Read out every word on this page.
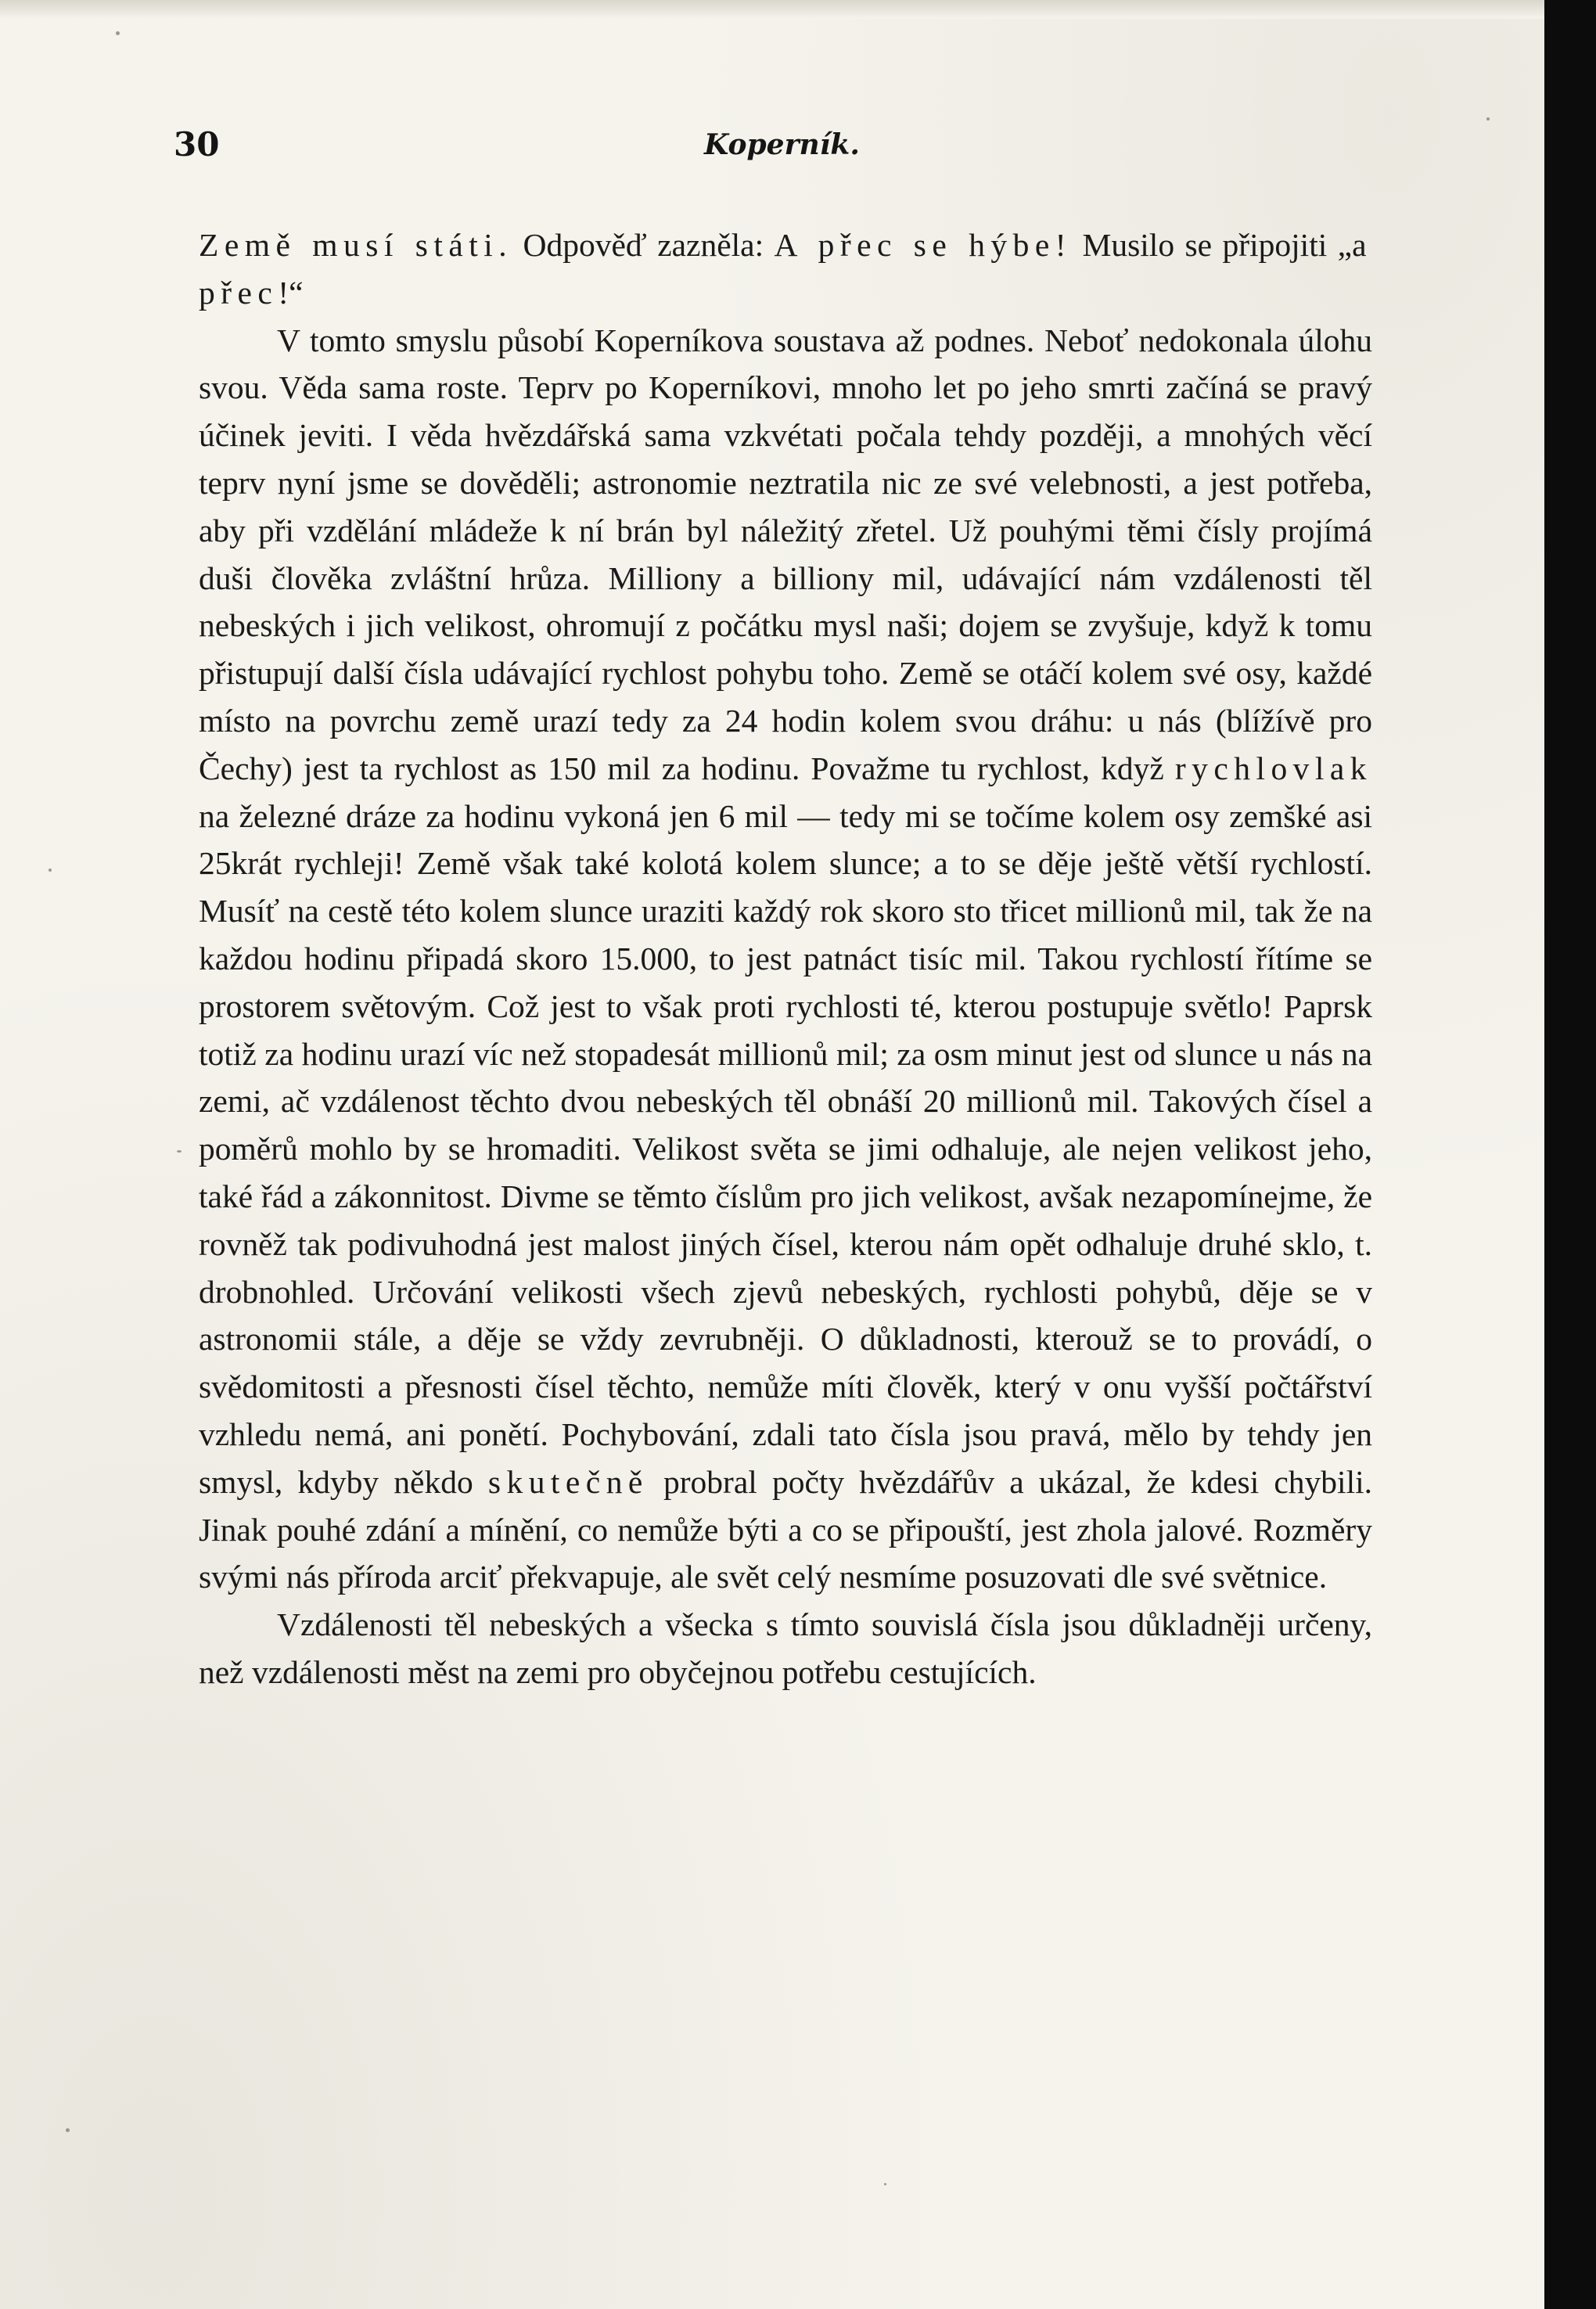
30	Koperník.

Země musí státi. Odpověď zazněla: A přec se hýbe! Musilo se připojiti „a přec!“

V tomto smyslu působí Koperníkova soustava až podnes. Neboť nedokonala úlohu svou. Věda sama roste. Teprv po Koperníkovi, mnoho let po jeho smrti začíná se pravý účinek jeviti. I věda hvězdářská sama vzkvétati počala tehdy později, a mnohých věcí teprv nyní jsme se dověděli; astronomie neztratila nic ze své velebnosti, a jest potřeba, aby při vzdělání mládeže k ní brán byl náležitý zřetel. Už pouhými těmi čísly projímá duši člověka zvláštní hrůza. Milliony a billiony mil, udávající nám vzdálenosti těl nebeských i jich velikost, ohromují z počátku mysl naši; dojem se zvyšuje, když k tomu přistupují další čísla udávající rychlost pohybu toho. Země se otáčí kolem své osy, každé místo na povrchu země urazí tedy za 24 hodin kolem svou dráhu: u nás (blížívě pro Čechy) jest ta rychlost as 150 mil za hodinu. Považme tu rychlost, když rychlovlak na železné dráze za hodinu vykoná jen 6 mil — tedy mi se točíme kolem osy zemšké asi 25krát rychleji! Země však také kolotá kolem slunce; a to se děje ještě větší rychlostí. Musíť na cestě této kolem slunce uraziti každý rok skoro sto třicet millionů mil, tak že na každou hodinu připadá skoro 15.000, to jest patnáct tisíc mil. Takou rychlostí řítíme se prostorem světovým. Což jest to však proti rychlosti té, kterou postupuje světlo! Paprsk totiž za hodinu urazí víc než stopadesát millionů mil; za osm minut jest od slunce u nás na zemi, ač vzdálenost těchto dvou nebeských těl obnáší 20 millionů mil. Takových čísel a poměrů mohlo by se hromaditi. Velikost světa se jimi odhaluje, ale nejen velikost jeho, také řád a zákonnitost. Divme se těmto číslům pro jich velikost, avšak nezapomínejme, že rovněž tak podivuhodná jest malost jiných čísel, kterou nám opět odhaluje druhé sklo, t. drobnohled. Určování velikosti všech zjevů nebeských, rychlosti pohybů, děje se v astronomii stále, a děje se vždy zevrubněji. O důkladnosti, kterouž se to provádí, o svědomitosti a přesnosti čísel těchto, nemůže míti člověk, který v onu vyšší počtářství vzhledu nemá, ani ponětí. Pochybování, zdali tato čísla jsou pravá, mělo by tehdy jen smysl, kdyby někdo skutečně probral počty hvězdářův a ukázal, že kdesi chybili. Jinak pouhé zdání a mínění, co nemůže býti a co se připouští, jest zhola jalové. Rozměry svými nás příroda arciť překvapuje, ale svět celý nesmíme posuzovati dle své světnice.

Vzdálenosti těl nebeských a všecka s tímto souvislá čísla jsou důkladněji určeny, než vzdálenosti měst na zemi pro obyčejnou potřebu cestujících.
